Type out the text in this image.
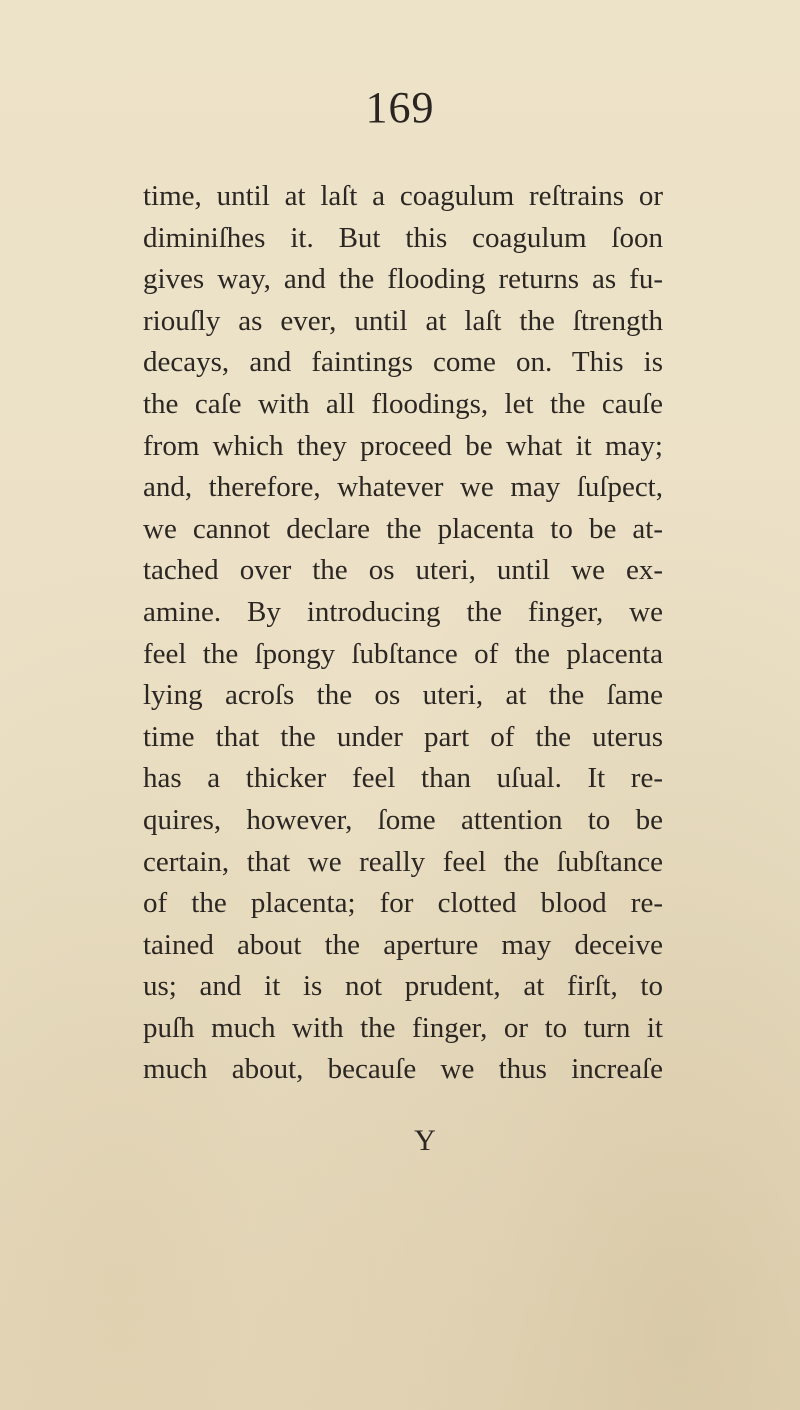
169
time, until at laſt a coagulum reſtrains or
diminiſhes it. But this coagulum ſoon
gives way, and the flooding returns as fu-
riouſly as ever, until at laſt the ſtrength
decays, and faintings come on. This is
the caſe with all floodings, let the cauſe
from which they proceed be what it may;
and, therefore, whatever we may ſuſpect,
we cannot declare the placenta to be at-
tached over the os uteri, until we ex-
amine. By introducing the finger, we
feel the ſpongy ſubſtance of the placenta
lying acroſs the os uteri, at the ſame
time that the under part of the uterus
has a thicker feel than uſual. It re-
quires, however, ſome attention to be
certain, that we really feel the ſubſtance
of the placenta; for clotted blood re-
tained about the aperture may deceive
us; and it is not prudent, at firſt, to
puſh much with the finger, or to turn it
much about, becauſe we thus increaſe
Y
